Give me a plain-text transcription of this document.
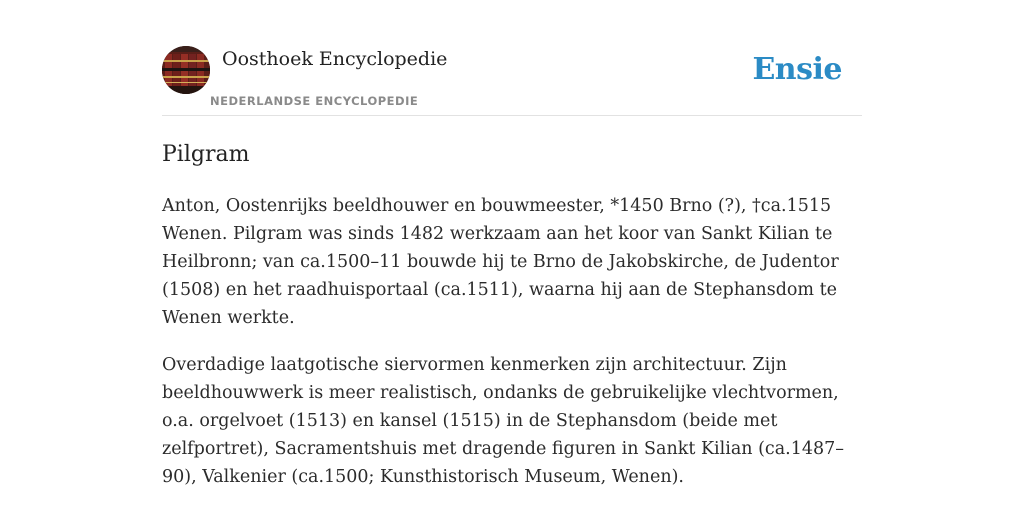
Oosthoek Encyclopedie
NEDERLANDSE ENCYCLOPEDIE
Ensie
Pilgram

Anton, Oostenrijks beeldhouwer en bouwmeester, *1450 Brno (?), †ca.1515 Wenen. Pilgram was sinds 1482 werkzaam aan het koor van Sankt Kilian te Heilbronn; van ca.1500–11 bouwde hij te Brno de Jakobskirche, de Judentor (1508) en het raadhuisportaal (ca.1511), waarna hij aan de Stephansdom te Wenen werkte.

Overdadige laatgotische siervormen kenmerken zijn architectuur. Zijn beeldhouwwerk is meer realistisch, ondanks de gebruikelijke vlechtvormen, o.a. orgelvoet (1513) en kansel (1515) in de Stephansdom (beide met zelfportret), Sacramentshuis met dragende figuren in Sankt Kilian (ca.1487–90), Valkenier (ca.1500; Kunsthistorisch Museum, Wenen).
